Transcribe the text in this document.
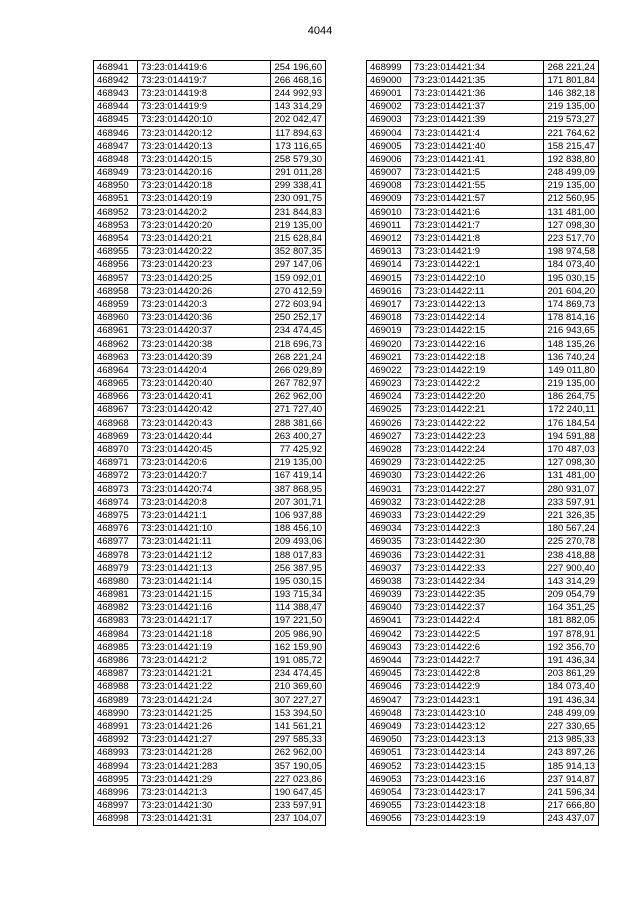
4044
468941	73:23:014419:6	254 196,60
468942	73:23:014419:7	266 468,16
468943	73:23:014419:8	244 992,93
468944	73:23:014419:9	143 314,29
468945	73:23:014420:10	202 042,47
468946	73:23:014420:12	117 894,63
468947	73:23:014420:13	173 116,65
468948	73:23:014420:15	258 579,30
468949	73:23:014420:16	291 011,28
468950	73:23:014420:18	299 338,41
468951	73:23:014420:19	230 091,75
468952	73:23:014420:2	231 844,83
468953	73:23:014420:20	219 135,00
468954	73:23:014420:21	215 628,84
468955	73:23:014420:22	352 807,35
468956	73:23:014420:23	297 147,06
468957	73:23:014420:25	159 092,01
468958	73:23:014420:26	270 412,59
468959	73:23:014420:3	272 603,94
468960	73:23:014420:36	250 252,17
468961	73:23:014420:37	234 474,45
468962	73:23:014420:38	218 696,73
468963	73:23:014420:39	268 221,24
468964	73:23:014420:4	266 029,89
468965	73:23:014420:40	267 782,97
468966	73:23:014420:41	262 962,00
468967	73:23:014420:42	271 727,40
468968	73:23:014420:43	288 381,66
468969	73:23:014420:44	263 400,27
468970	73:23:014420:45	77 425,92
468971	73:23:014420:6	219 135,00
468972	73:23:014420:7	167 419,14
468973	73:23:014420:74	387 868,95
468974	73:23:014420:8	207 301,71
468975	73:23:014421:1	106 937,88
468976	73:23:014421:10	188 456,10
468977	73:23:014421:11	209 493,06
468978	73:23:014421:12	188 017,83
468979	73:23:014421:13	256 387,95
468980	73:23:014421:14	195 030,15
468981	73:23:014421:15	193 715,34
468982	73:23:014421:16	114 388,47
468983	73:23:014421:17	197 221,50
468984	73:23:014421:18	205 986,90
468985	73:23:014421:19	162 159,90
468986	73:23:014421:2	191 085,72
468987	73:23:014421:21	234 474,45
468988	73:23:014421:22	210 369,60
468989	73:23:014421:24	307 227,27
468990	73:23:014421:25	153 394,50
468991	73:23:014421:26	141 561,21
468992	73:23:014421:27	297 585,33
468993	73:23:014421:28	262 962,00
468994	73:23:014421:283	357 190,05
468995	73:23:014421:29	227 023,86
468996	73:23:014421:3	190 647,45
468997	73:23:014421:30	233 597,91
468998	73:23:014421:31	237 104,07
468999	73:23:014421:34	268 221,24
469000	73:23:014421:35	171 801,84
469001	73:23:014421:36	146 382,18
469002	73:23:014421:37	219 135,00
469003	73:23:014421:39	219 573,27
469004	73:23:014421:4	221 764,62
469005	73:23:014421:40	158 215,47
469006	73:23:014421:41	192 838,80
469007	73:23:014421:5	248 499,09
469008	73:23:014421:55	219 135,00
469009	73:23:014421:57	212 560,95
469010	73:23:014421:6	131 481,00
469011	73:23:014421:7	127 098,30
469012	73:23:014421:8	223 517,70
469013	73:23:014421:9	198 974,58
469014	73:23:014422:1	184 073,40
469015	73:23:014422:10	195 030,15
469016	73:23:014422:11	201 604,20
469017	73:23:014422:13	174 869,73
469018	73:23:014422:14	178 814,16
469019	73:23:014422:15	216 943,65
469020	73:23:014422:16	148 135,26
469021	73:23:014422:18	136 740,24
469022	73:23:014422:19	149 011,80
469023	73:23:014422:2	219 135,00
469024	73:23:014422:20	186 264,75
469025	73:23:014422:21	172 240,11
469026	73:23:014422:22	176 184,54
469027	73:23:014422:23	194 591,88
469028	73:23:014422:24	170 487,03
469029	73:23:014422:25	127 098,30
469030	73:23:014422:26	131 481,00
469031	73:23:014422:27	280 931,07
469032	73:23:014422:28	233 597,91
469033	73:23:014422:29	221 326,35
469034	73:23:014422:3	180 567,24
469035	73:23:014422:30	225 270,78
469036	73:23:014422:31	238 418,88
469037	73:23:014422:33	227 900,40
469038	73:23:014422:34	143 314,29
469039	73:23:014422:35	209 054,79
469040	73:23:014422:37	164 351,25
469041	73:23:014422:4	181 882,05
469042	73:23:014422:5	197 878,91
469043	73:23:014422:6	192 356,70
469044	73:23:014422:7	191 436,34
469045	73:23:014422:8	203 861,29
469046	73:23:014422:9	184 073,40
469047	73:23:014423:1	191 436,34
469048	73:23:014423:10	248 499,09
469049	73:23:014423:12	227 330,65
469050	73:23:014423:13	213 985,33
469051	73:23:014423:14	243 897,26
469052	73:23:014423:15	185 914,13
469053	73:23:014423:16	237 914,87
469054	73:23:014423:17	241 596,34
469055	73:23:014423:18	217 666,80
469056	73:23:014423:19	243 437,07
